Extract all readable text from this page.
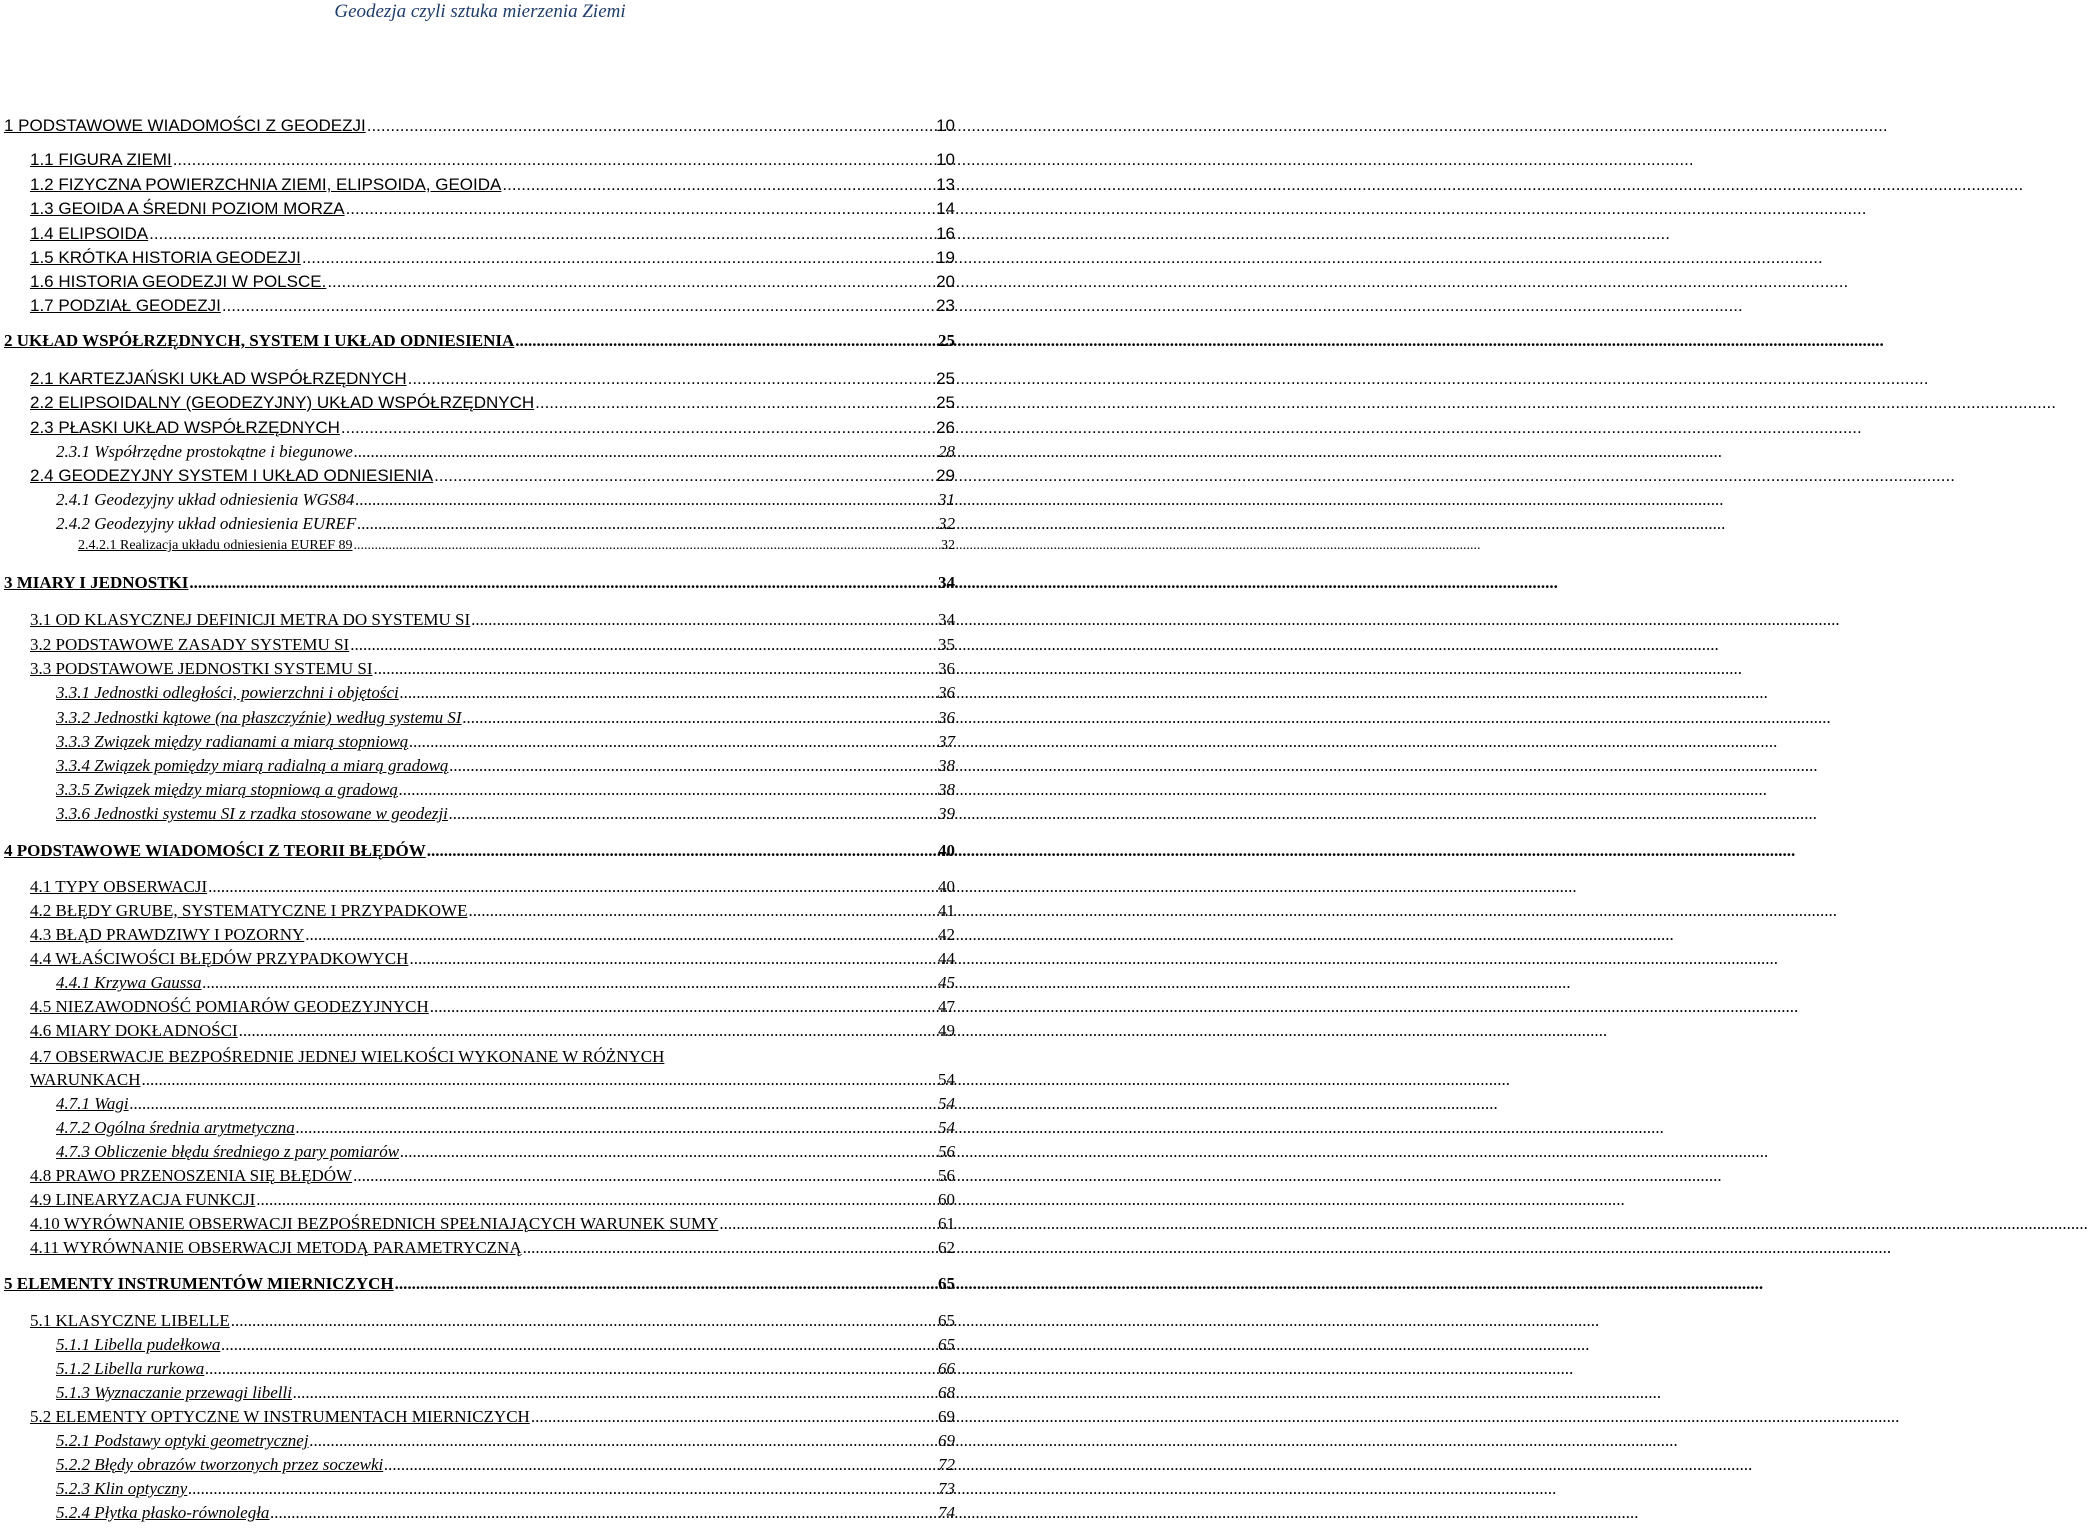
Geodezja czyli sztuka mierzenia Ziemi
1 PODSTAWOWE WIADOMOŚCI Z GEODEZJI .....	10
1.1 FIGURA ZIEMI .....	10
1.2 FIZYCZNA POWIERZCHNIA ZIEMI, ELIPSOIDA, GEOIDA .....	13
1.3 GEOIDA A ŚREDNI POZIOM MORZA .....	14
1.4 ELIPSOIDA .....	16
1.5 KRÓTKA HISTORIA GEODEZJI .....	19
1.6 HISTORIA GEODEZJI W POLSCE. .....	20
1.7 PODZIAŁ GEODEZJI .....	23
2 UKŁAD WSPÓŁRZĘDNYCH, SYSTEM I UKŁAD ODNIESIENIA .....	25
2.1 KARTEZJAŃSKI UKŁAD WSPÓŁRZĘDNYCH .....	25
2.2 ELIPSOIDALNY (GEODEZYJNY) UKŁAD WSPÓŁRZĘDNYCH .....	25
2.3 PŁASKI UKŁAD WSPÓŁRZĘDNYCH .....	26
2.3.1 Współrzędne prostokątne i biegunowe .....	28
2.4 GEODEZYJNY SYSTEM I UKŁAD ODNIESIENIA .....	29
2.4.1 Geodezyjny układ odniesienia WGS84 .....	31
2.4.2 Geodezyjny układ odniesienia EUREF .....	32
2.4.2.1 Realizacja układu odniesienia EUREF 89 .....	32
3 MIARY I JEDNOSTKI .....	34
3.1 OD KLASYCZNEJ DEFINICJI METRA DO SYSTEMU SI .....	34
3.2 PODSTAWOWE ZASADY SYSTEMU SI .....	35
3.3 PODSTAWOWE JEDNOSTKI SYSTEMU SI .....	36
3.3.1 Jednostki odległości, powierzchni i objętości .....	36
3.3.2 Jednostki kątowe (na płaszczyźnie) według systemu SI .....	36
3.3.3 Związek między radianami a miarą stopniową .....	37
3.3.4 Związek pomiędzy miarą radialną a miarą gradową .....	38
3.3.5 Związek między miarą stopniową a gradową .....	38
3.3.6 Jednostki systemu SI z rzadka stosowane w geodezji .....	39
4 PODSTAWOWE WIADOMOŚCI Z TEORII BŁĘDÓW .....	40
4.1 TYPY OBSERWACJI .....	40
4.2 BŁĘDY GRUBE, SYSTEMATYCZNE I PRZYPADKOWE .....	41
4.3 BŁĄD PRAWDZIWY I POZORNY .....	42
4.4 WŁAŚCIWOŚCI BŁĘDÓW PRZYPADKOWYCH .....	44
4.4.1 Krzywa Gaussa .....	45
4.5 NIEZAWODNOŚĆ POMIARÓW GEODEZYJNYCH .....	47
4.6 MIARY DOKŁADNOŚCI .....	49
4.7 OBSERWACJE BEZPOŚREDNIE JEDNEJ WIELKOŚCI WYKONANE W RÓŻNYCH
WARUNKACH .....	54
4.7.1 Wagi .....	54
4.7.2 Ogólna średnia arytmetyczna .....	54
4.7.3 Obliczenie błędu średniego z pary pomiarów .....	56
4.8 PRAWO PRZENOSZENIA SIĘ BŁĘDÓW .....	56
4.9 LINEARYZACJA FUNKCJI .....	60
4.10 WYRÓWNANIE OBSERWACJI BEZPOŚREDNICH SPEŁNIAJĄCYCH WARUNEK SUMY .....	61
4.11 WYRÓWNANIE OBSERWACJI METODĄ PARAMETRYCZNĄ .....	62
5 ELEMENTY INSTRUMENTÓW MIERNICZYCH .....	65
5.1 KLASYCZNE LIBELLE .....	65
5.1.1 Libella pudełkowa .....	65
5.1.2 Libella rurkowa .....	66
5.1.3 Wyznaczanie przewagi libelli .....	68
5.2 ELEMENTY OPTYCZNE W INSTRUMENTACH MIERNICZYCH .....	69
5.2.1 Podstawy optyki geometrycznej .....	69
5.2.2 Błędy obrazów tworzonych przez soczewki .....	72
5.2.3 Klin optyczny .....	73
5.2.4 Płytka płasko-równoległa .....	74
